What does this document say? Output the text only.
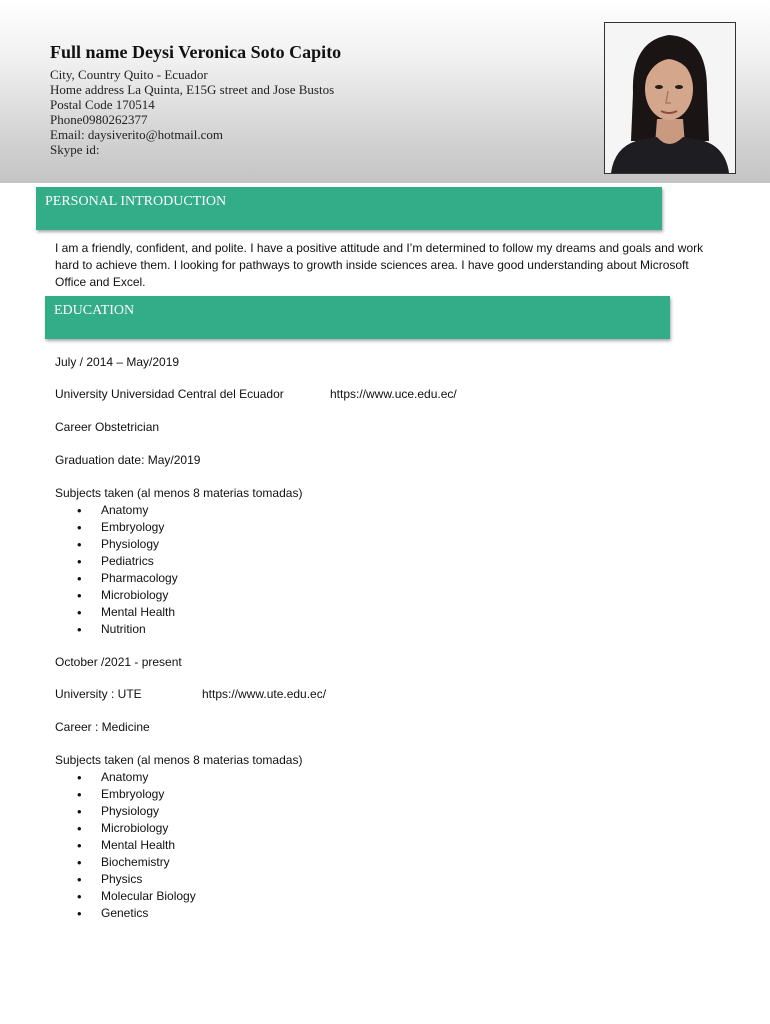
Full name Deysi Veronica Soto Capito
City, Country Quito - Ecuador
Home address La Quinta, E15G street and Jose Bustos
Postal Code 170514
Phone0980262377
Email: daysiverito@hotmail.com
Skype id:
PERSONAL INTRODUCTION
I am a friendly, confident, and polite. I have a positive attitude and I’m determined to follow my dreams and goals and work hard to achieve them. I looking for pathways to growth inside sciences area. I have good understanding about Microsoft Office and Excel.
EDUCATION
July / 2014 – May/2019
University Universidad Central del Ecuador	https://www.uce.edu.ec/
Career Obstetrician
Graduation date: May/2019
Subjects taken (al menos 8 materias tomadas)
• Anatomy
• Embryology
• Physiology
• Pediatrics
• Pharmacology
• Microbiology
• Mental Health
• Nutrition
October /2021 - present
University : UTE	https://www.ute.edu.ec/
Career : Medicine
Subjects taken (al menos 8 materias tomadas)
• Anatomy
• Embryology
• Physiology
• Microbiology
• Mental Health
• Biochemistry
• Physics
• Molecular Biology
• Genetics
